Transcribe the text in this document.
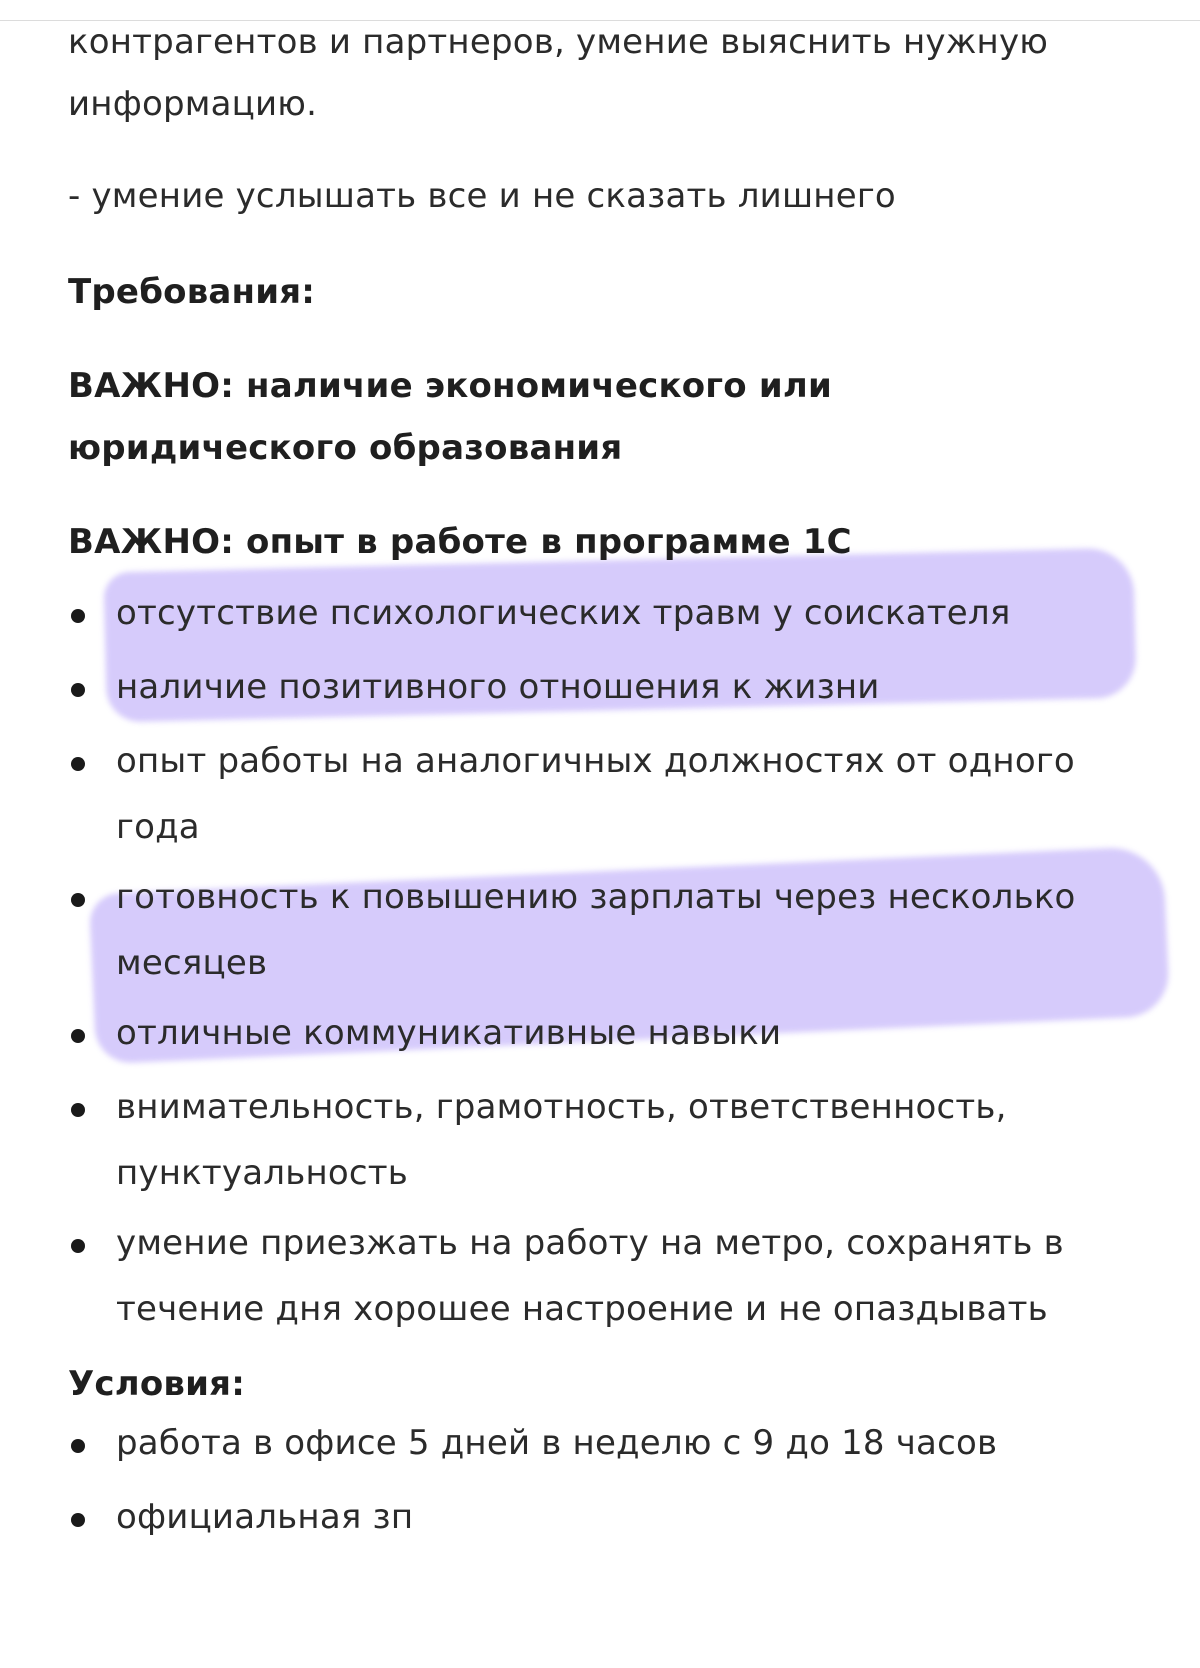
контрагентов и партнеров, умение выяснить нужную
информацию.
- умение услышать все и не сказать лишнего
Требования:
ВАЖНО: наличие экономического или
юридического образования
ВАЖНО: опыт в работе в программе 1С
отсутствие психологических травм у соискателя
наличие позитивного отношения к жизни
опыт работы на аналогичных должностях от одного года
готовность к повышению зарплаты через несколько месяцев
отличные коммуникативные навыки
внимательность, грамотность, ответственность, пунктуальность
умение приезжать на работу на метро, сохранять в течение дня хорошее настроение и не опаздывать
Условия:
работа в офисе 5 дней в неделю с 9 до 18 часов
официальная зп
